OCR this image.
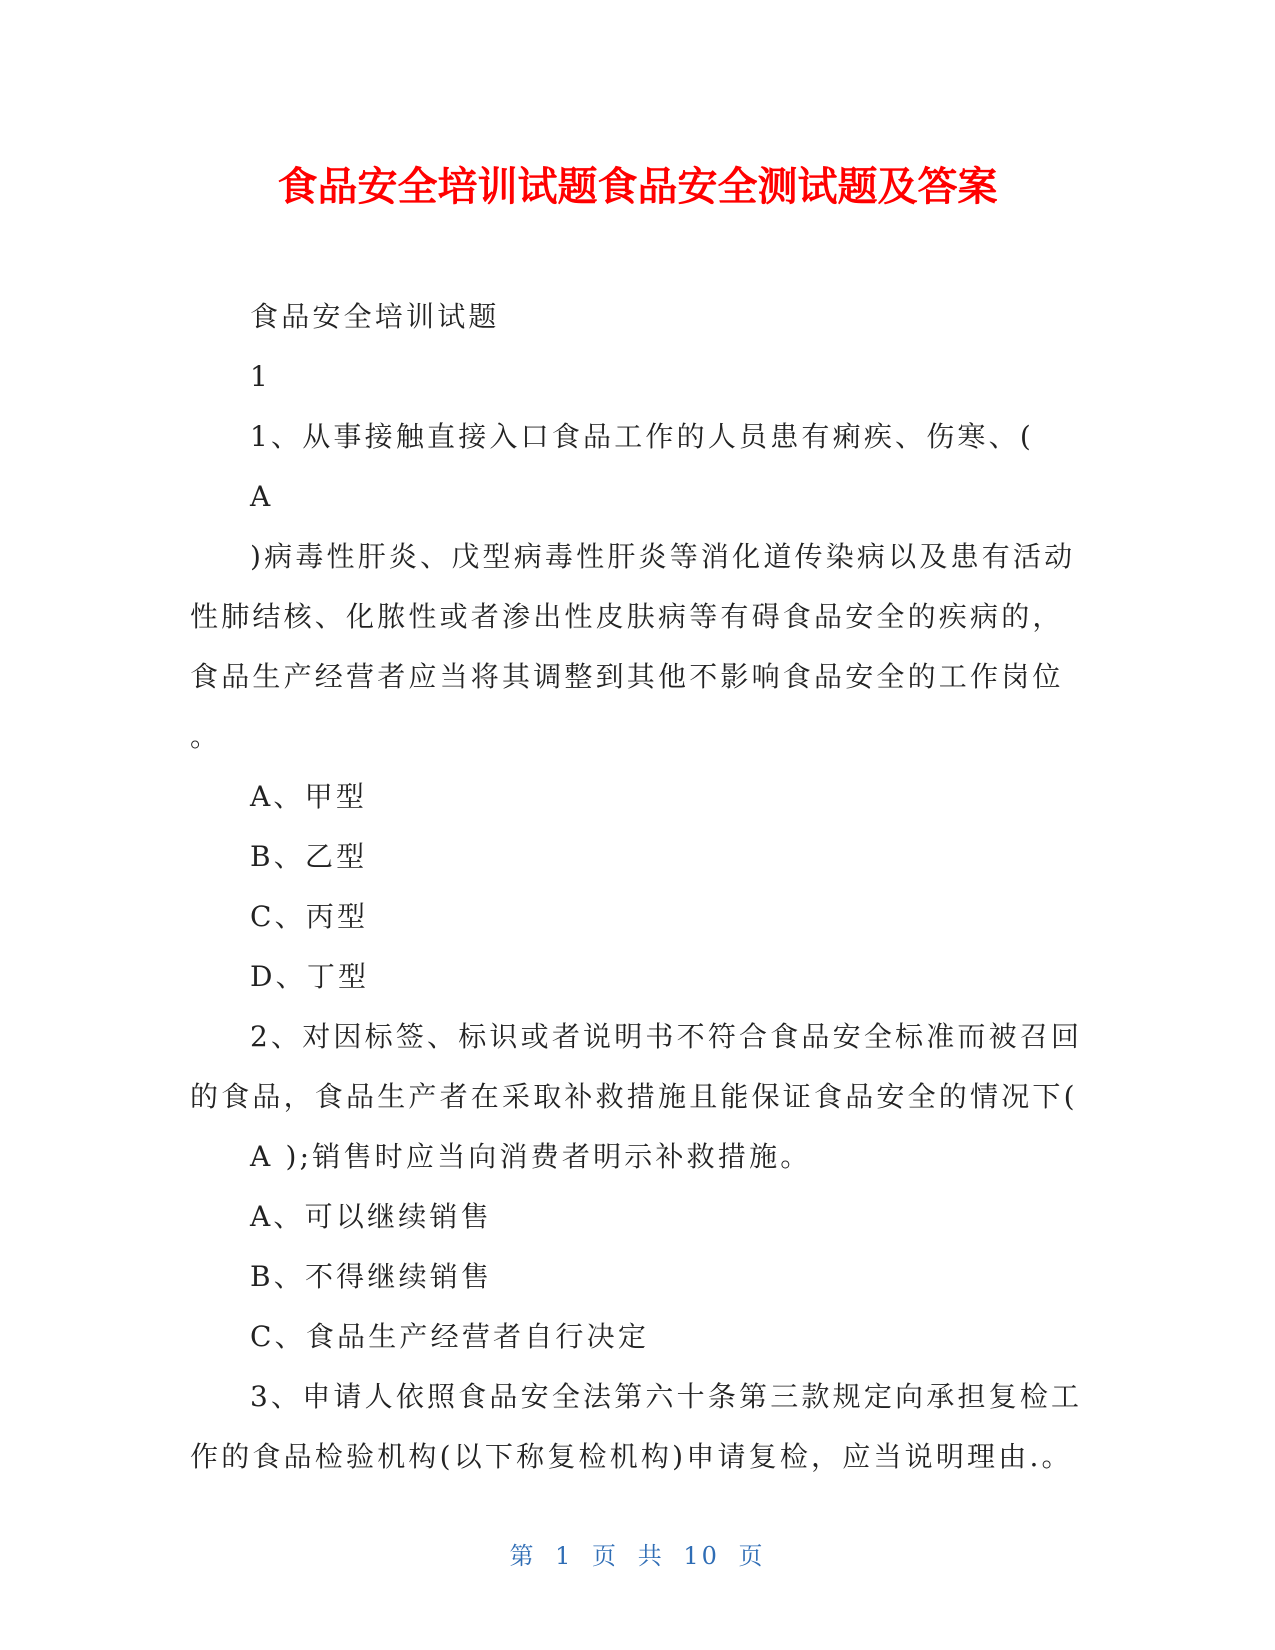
食品安全培训试题食品安全测试题及答案
食品安全培训试题
1
1、从事接触直接入口食品工作的人员患有痢疾、伤寒、(
A
)病毒性肝炎、戊型病毒性肝炎等消化道传染病以及患有活动
性肺结核、化脓性或者渗出性皮肤病等有碍食品安全的疾病的，
食品生产经营者应当将其调整到其他不影响食品安全的工作岗位
。
A、甲型
B、乙型
C、丙型
D、丁型
2、对因标签、标识或者说明书不符合食品安全标准而被召回
的食品，食品生产者在采取补救措施且能保证食品安全的情况下(
A );销售时应当向消费者明示补救措施。
A、可以继续销售
B、不得继续销售
C、食品生产经营者自行决定
3、申请人依照食品安全法第六十条第三款规定向承担复检工
作的食品检验机构(以下称复检机构)申请复检，应当说明理由.。
第 1 页 共 10 页
